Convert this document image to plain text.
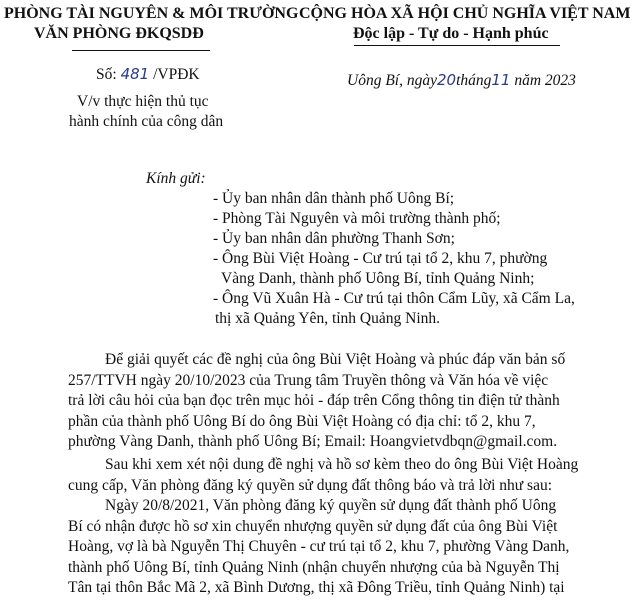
PHÒNG TÀI NGUYÊN & MÔI TRƯỜNG
VĂN PHÒNG ĐKQSDĐ
Số: 481 /VPĐK
V/v thực hiện thủ tục
hành chính của công dân
CỘNG HÒA XÃ HỘI CHỦ NGHĨA VIỆT NAM
Độc lập - Tự do - Hạnh phúc
Uông Bí, ngày20tháng11 năm 2023
Kính gửi:
- Ủy ban nhân dân thành phố Uông Bí;
- Phòng Tài Nguyên và môi trường thành phố;
- Ủy ban nhân dân phường Thanh Sơn;
- Ông Bùi Việt Hoàng - Cư trú tại tổ 2, khu 7, phường
Vàng Danh, thành phố Uông Bí, tỉnh Quảng Ninh;
- Ông Vũ Xuân Hà - Cư trú tại thôn Cẩm Lũy, xã Cẩm La,
thị xã Quảng Yên, tỉnh Quảng Ninh.
Để giải quyết các đề nghị của ông Bùi Việt Hoàng và phúc đáp văn bản số
257/TTVH ngày 20/10/2023 của Trung tâm Truyền thông và Văn hóa về việc
trả lời câu hỏi của bạn đọc trên mục hỏi - đáp trên Cổng thông tin điện tử thành
phần của thành phố Uông Bí do ông Bùi Việt Hoàng có địa chỉ: tổ 2, khu 7,
phường Vàng Danh, thành phố Uông Bí; Email: Hoangvietvdbqn@gmail.com.
Sau khi xem xét nội dung đề nghị và hồ sơ kèm theo do ông Bùi Việt Hoàng
cung cấp, Văn phòng đăng ký quyền sử dụng đất thông báo và trả lời như sau:
Ngày 20/8/2021, Văn phòng đăng ký quyền sử dụng đất thành phố Uông
Bí có nhận được hồ sơ xin chuyển nhượng quyền sử dụng đất của ông Bùi Việt
Hoàng, vợ là bà Nguyễn Thị Chuyên - cư trú tại tổ 2, khu 7, phường Vàng Danh,
thành phố Uông Bí, tỉnh Quảng Ninh (nhận chuyển nhượng của bà Nguyễn Thị
Tân tại thôn Bắc Mã 2, xã Bình Dương, thị xã Đông Triều, tỉnh Quảng Ninh) tại
